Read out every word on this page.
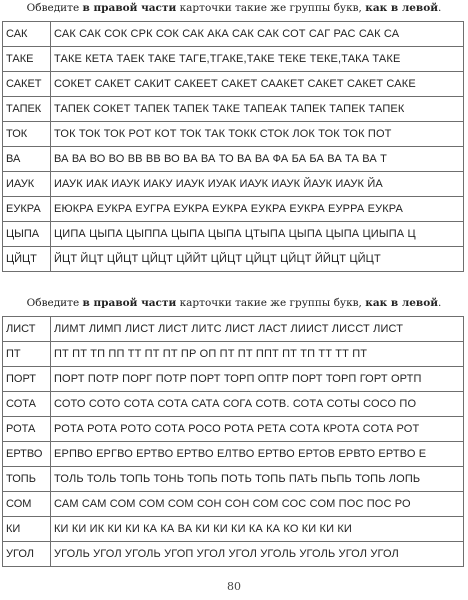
Обведите в правой части карточки такие же группы букв, как в левой.
САК	САК САК СОК СРК СОК САК АКА САК САК СОТ САГ РАС САК СА
ТАКЕ	ТАКЕ КЕТА ТАЕК ТАКЕ ТАГЕ,ТГАКЕ,ТАКЕ ТЕКЕ ТЕКЕ,ТАКА ТАКЕ
САКЕТ	СОКЕТ САКЕТ САКИТ САКЕЕТ САКЕТ СААКЕТ САКЕТ САКЕТ САКЕ
ТАПЕК	ТАПЕК СОКЕТ ТАПЕК ТАПЕК ТАКЕ ТАПЕАК ТАПЕК ТАПЕК ТАПЕК
ТОК	ТОК ТОК ТОК РОТ КОТ ТОК ТАК ТОКК СТОК ЛОК ТОК ТОК ПОТ
ВА	ВА ВА ВО ВО ВВ ВВ ВО ВА ВА ТО ВА ВА ФА БА БА ВА ТА ВА Т
ИАУК	ИАУК ИАК ИАУК ИАКУ ИАУК ИУАК ИАУК ИАУК ЙАУК ИАУК ЙА
ЕУКРА	ЕЮКРА ЕУКРА ЕУГРА ЕУКРА ЕУКРА ЕУКРА ЕУКРА ЕУРРА ЕУКРА
ЦЫПА	ЦИПА ЦЫПА ЦЫППА ЦЫПА ЦЫПА ЦТЫПА ЦЫПА ЦЫПА ЦИЫПА Ц
ЦЙЦТ	ЙЦТ ЙЦТ ЦЙЦТ ЦЙЦТ ЦЙЙТ ЦЙЦТ ЦЙЦТ ЦЙЦТ ЙЙЦТ ЦЙЦТ
Обведите в правой части карточки такие же группы букв, как в левой.
ЛИСТ	ЛИМТ ЛИМП ЛИСТ ЛИСТ ЛИТС ЛИСТ ЛАСТ ЛИИСТ ЛИССТ ЛИСТ
ПТ	ПТ ПТ ТП ПП ТТ ПТ ПТ ПР ОП ПТ ПТ ППТ ПТ ТП ТТ ТТ ПТ
ПОРТ	ПОРТ ПОТР ПОРГ ПОТР ПОРТ ТОРП ОПТР ПОРТ ТОРП ГОРТ ОРТП
СОТА	СОТО СОТО СОТА СОТА САТА СОГА СОТВ. СОТА СОТЫ СОСО ПО
РОТА	РОТА РОТА РОТО СОТА РОСО РОТА РЕТА СОТА КРОТА СОТА РОТ
ЕРТВО	ЕРПВО ЕРГВО ЕРТВО ЕРТВО ЕЛТВО ЕРТВО ЕРТОВ ЕРВТО ЕРТВО Е
ТОПЬ	ТОЛЬ ТОЛЬ ТОПЬ ТОНЬ ТОПЬ ПОТЬ ТОПЬ ПАТЬ ПЬПЬ ТОПЬ ЛОПЬ
СОМ	САМ САМ СОМ СОМ СОМ СОН СОН СОМ СОС СОМ ПОС ПОС РО
КИ	КИ КИ ИК КИ КИ КА КА ВА КИ КИ КИ КА КА КО КИ КИ КИ
УГОЛ	УГОЛЬ УГОЛ УГОЛЬ УГОП УГОЛ УГОЛ УГОЛЬ УГОЛЬ УГОЛ УГОЛ
80
